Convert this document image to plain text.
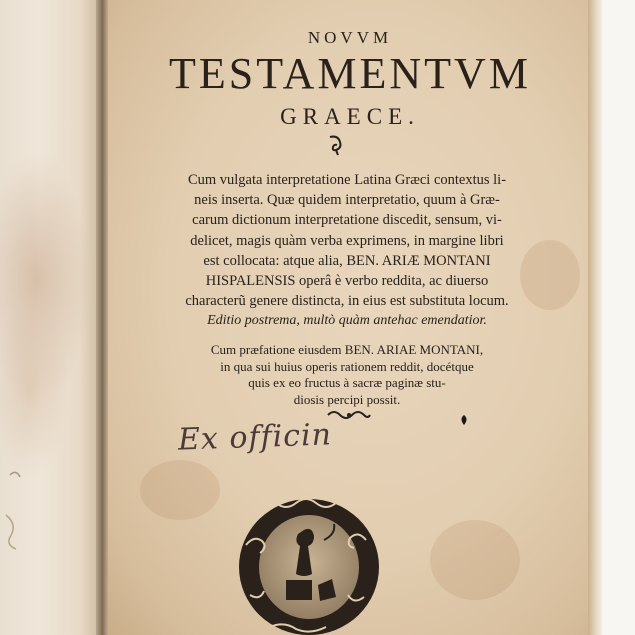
NOVVM
TESTAMENTVM
GRAECE.
Cum vulgata interpretatione Latina Græci contextus li-
neis inserta. Quæ quidem interpretatio, quum à Græ-
carum dictionum interpretatione discedit, sensum, vi-
delicet, magis quàm verba exprimens, in margine libri
est collocata: atque alia, BEN. ARIÆ MONTANI
HISPALENSIS operâ è verbo reddita, ac diuerso
characterũ genere distincta, in eius est substituta locum.
Editio postrema, multò quàm antehac emendatior.
Cum præfatione eiusdem BEN. ARIAE MONTANI,
in qua sui huius operis rationem reddit, docétque
quis ex eo fructus à sacræ paginæ stu-
diosis percipi possit.
Ex officin
